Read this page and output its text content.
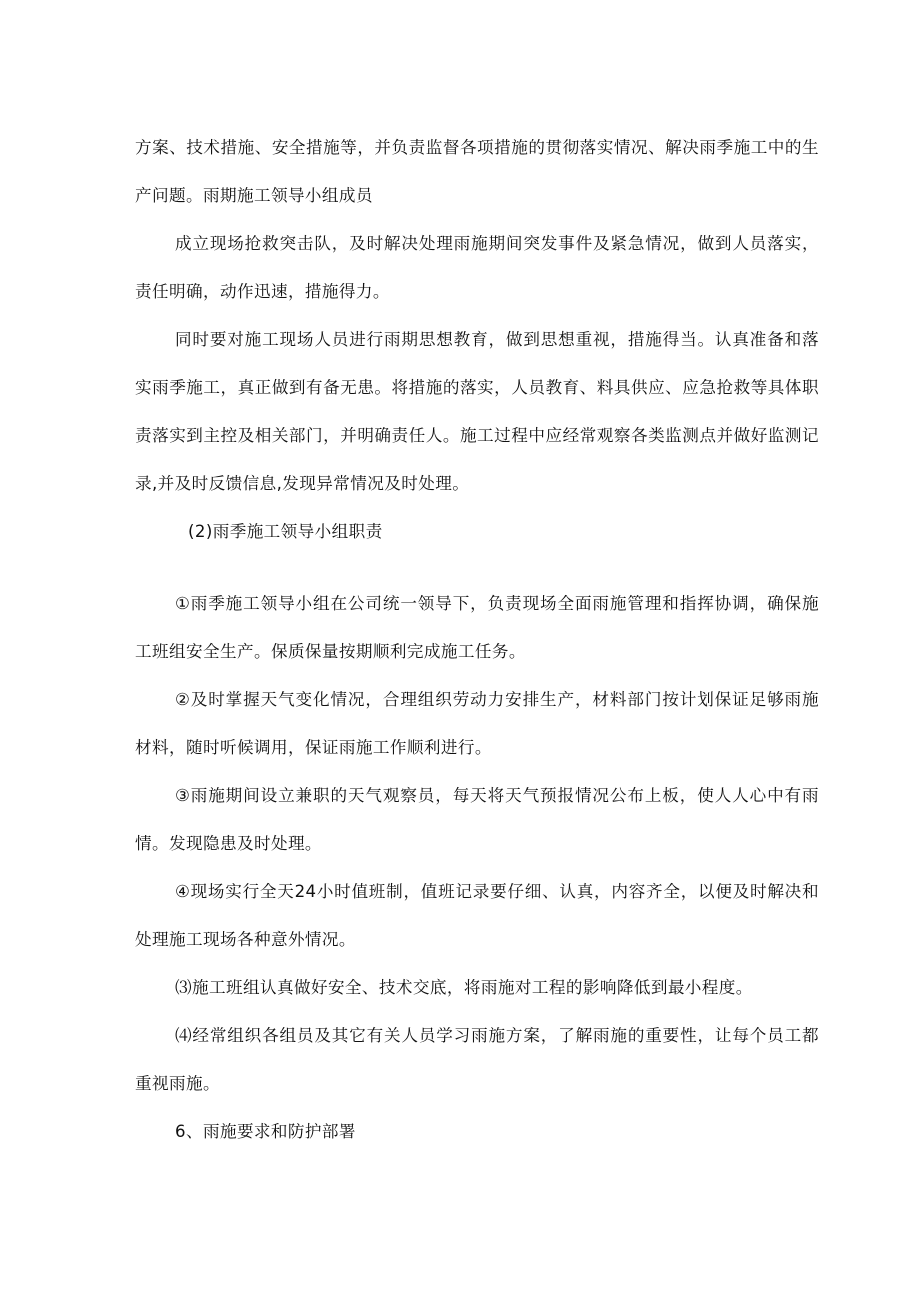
方案、技术措施、安全措施等，并负责监督各项措施的贯彻落实情况、解决雨季施工中的生产问题。雨期施工领导小组成员

成立现场抢救突击队，及时解决处理雨施期间突发事件及紧急情况，做到人员落实，责任明确，动作迅速，措施得力。

同时要对施工现场人员进行雨期思想教育，做到思想重视，措施得当。认真准备和落实雨季施工，真正做到有备无患。将措施的落实，人员教育、料具供应、应急抢救等具体职责落实到主控及相关部门，并明确责任人。施工过程中应经常观察各类监测点并做好监测记录,并及时反馈信息,发现异常情况及时处理。

(2)雨季施工领导小组职责

①雨季施工领导小组在公司统一领导下，负责现场全面雨施管理和指挥协调，确保施工班组安全生产。保质保量按期顺利完成施工任务。

②及时掌握天气变化情况，合理组织劳动力安排生产，材料部门按计划保证足够雨施材料，随时听候调用，保证雨施工作顺利进行。

③雨施期间设立兼职的天气观察员，每天将天气预报情况公布上板，使人人心中有雨情。发现隐患及时处理。

④现场实行全天24小时值班制，值班记录要仔细、认真，内容齐全，以便及时解决和处理施工现场各种意外情况。

⑶施工班组认真做好安全、技术交底，将雨施对工程的影响降低到最小程度。

⑷经常组织各组员及其它有关人员学习雨施方案，了解雨施的重要性，让每个员工都重视雨施。

6、雨施要求和防护部署
